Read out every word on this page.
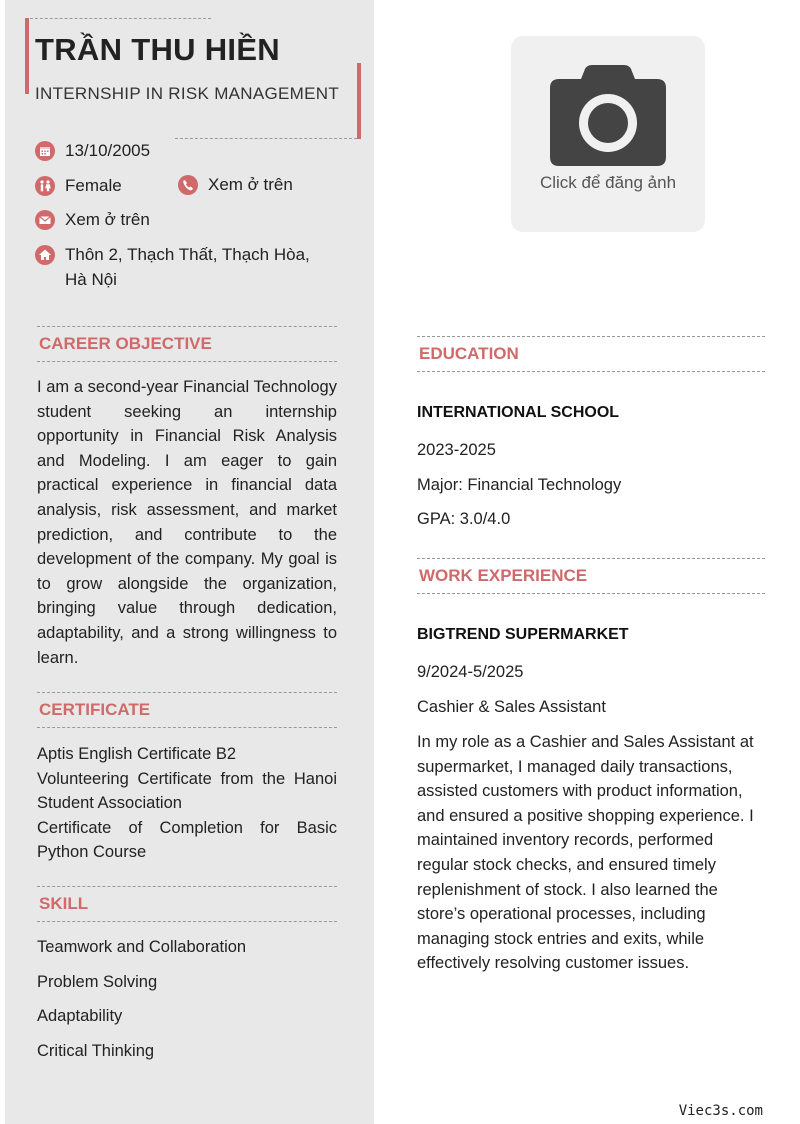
TRẦN THU HIỀN
INTERNSHIP IN RISK MANAGEMENT
13/10/2005
Female	Xem ở trên
Xem ở trên
Thôn 2, Thạch Thất, Thạch Hòa,
Hà Nội
CAREER OBJECTIVE
I am a second-year Financial Technology student seeking an internship opportunity in Financial Risk Analysis and Modeling. I am eager to gain practical experience in financial data analysis, risk assessment, and market prediction, and contribute to the development of the company. My goal is to grow alongside the organization, bringing value through dedication, adaptability, and a strong willingness to learn.
CERTIFICATE
Aptis English Certificate B2
Volunteering Certificate from the Hanoi Student Association
Certificate of Completion for Basic Python Course
SKILL
Teamwork and Collaboration
Problem Solving
Adaptability
Critical Thinking
Click để đăng ảnh
EDUCATION
INTERNATIONAL SCHOOL
2023-2025
Major: Financial Technology
GPA: 3.0/4.0
WORK EXPERIENCE
BIGTREND SUPERMARKET
9/2024-5/2025
Cashier & Sales Assistant
In my role as a Cashier and Sales Assistant at supermarket, I managed daily transactions, assisted customers with product information, and ensured a positive shopping experience. I maintained inventory records, performed regular stock checks, and ensured timely replenishment of stock. I also learned the store’s operational processes, including managing stock entries and exits, while effectively resolving customer issues.
Viec3s.com
